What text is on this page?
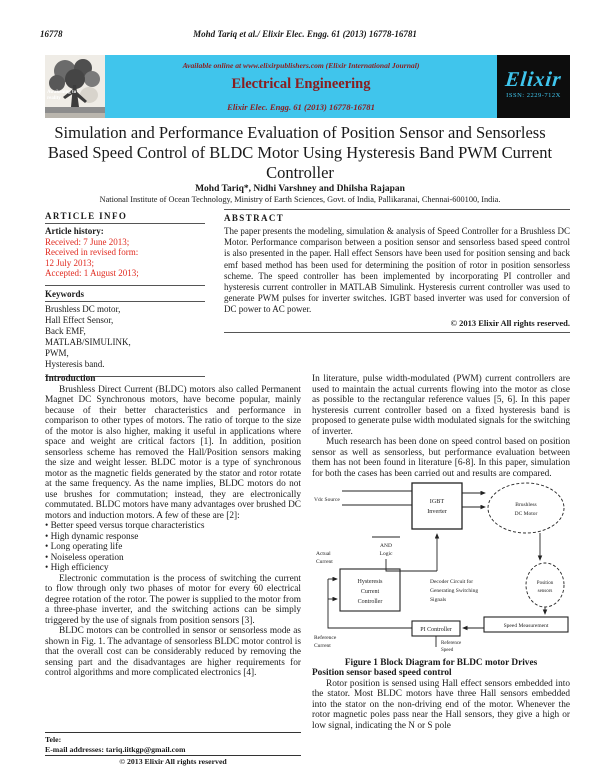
16778	Mohd Tariq et al./ Elixir Elec. Engg. 61 (2013) 16778-16781
Awakening to reality
Available online at www.elixirpublishers.com (Elixir International Journal)
Electrical Engineering
Elixir Elec. Engg. 61 (2013) 16778-16781
Elixir
ISSN: 2229-712X
Simulation and Performance Evaluation of Position Sensor and Sensorless Based Speed Control of BLDC Motor Using Hysteresis Band PWM Current Controller
Mohd Tariq*, Nidhi Varshney and Dhilsha Rajapan
National Institute of Ocean Technology, Ministry of Earth Sciences, Govt. of India, Pallikaranai, Chennai-600100, India.
ARTICLE INFO
Article history:
Received: 7 June 2013;
Received in revised form:
12 July 2013;
Accepted: 1 August 2013;
Keywords
Brushless DC motor,
Hall Effect Sensor,
Back EMF,
MATLAB/SIMULINK,
PWM,
Hysteresis band.
ABSTRACT

The paper presents the modeling, simulation & analysis of Speed Controller for a Brushless DC Motor. Performance comparison between a position sensor and sensorless based speed control is also presented in the paper. Hall effect Sensors have been used for position sensing and back emf based method has been used for determining the position of rotor in position sensorless scheme. The speed controller has been implemented by incorporating PI controller and hysteresis current controller in MATLAB Simulink. Hysteresis current controller was used to generate PWM pulses for inverter switches. IGBT based inverter was used for conversion of DC power to AC power.

© 2013 Elixir All rights reserved.
Introduction

Brushless Direct Current (BLDC) motors also called Permanent Magnet DC Synchronous motors, have become popular, mainly because of their better characteristics and performance in comparison to other types of motors. The ratio of torque to the size of the motor is also higher, making it useful in applications where space and weight are critical factors [1]. In addition, position sensorless scheme has removed the Hall/Position sensors making the size and weight lesser. BLDC motor is a type of synchronous motor as the magnetic fields generated by the stator and rotor rotate at the same frequency. As the name implies, BLDC motors do not use brushes for commutation; instead, they are electronically commutated. BLDC motors have many advantages over brushed DC motors and induction motors. A few of these are [2]:

• Better speed versus torque characteristics
• High dynamic response
• Long operating life
• Noiseless operation
• High efficiency

Electronic commutation is the process of switching the current to flow through only two phases of motor for every 60 electrical degree rotation of the rotor. The power is supplied to the motor from a three-phase inverter, and the switching actions can be simply triggered by the use of signals from position sensors [3].

BLDC motors can be controlled in sensor or sensorless mode as shown in Fig. 1. The advantage of sensorless BLDC motor control is that the overall cost can be considerably reduced by removing the sensing part and the disadvantages are higher requirements for control algorithms and more complicated electronics [4].

In literature, pulse width-modulated (PWM) current controllers are used to maintain the actual currents flowing into the motor as close as possible to the rectangular reference values [5, 6]. In this paper hysteresis current controller based on a fixed hysteresis band is proposed to generate pulse width modulated signals for the switching of inverter.

Much research has been done on speed control based on position sensor as well as sensorless, but performance evaluation between them has not been found in literature [6-8]. In this paper, simulation for both the cases has been carried out and results are compared.

Vdc Source	IGBT
Inverter
Brushless
DC Motor
AND
Logic
Actual
Current
Hysteresis
Current
Controller
Decoder Circuit for
Generating Switching
Signals
Position
sensors
Speed Measurement
PI Controller
Reference
Speed
Reference
Current
Figure 1 Block Diagram for BLDC motor Drives
Position sensor based speed control

Rotor position is sensed using Hall effect sensors embedded into the stator. Most BLDC motors have three Hall sensors embedded into the stator on the non-driving end of the motor. Whenever the rotor magnetic poles pass near the Hall sensors, they give a high or low signal, indicating the N or S pole

Tele:
E-mail addresses: tariq.iitkgp@gmail.com
© 2013 Elixir All rights reserved
